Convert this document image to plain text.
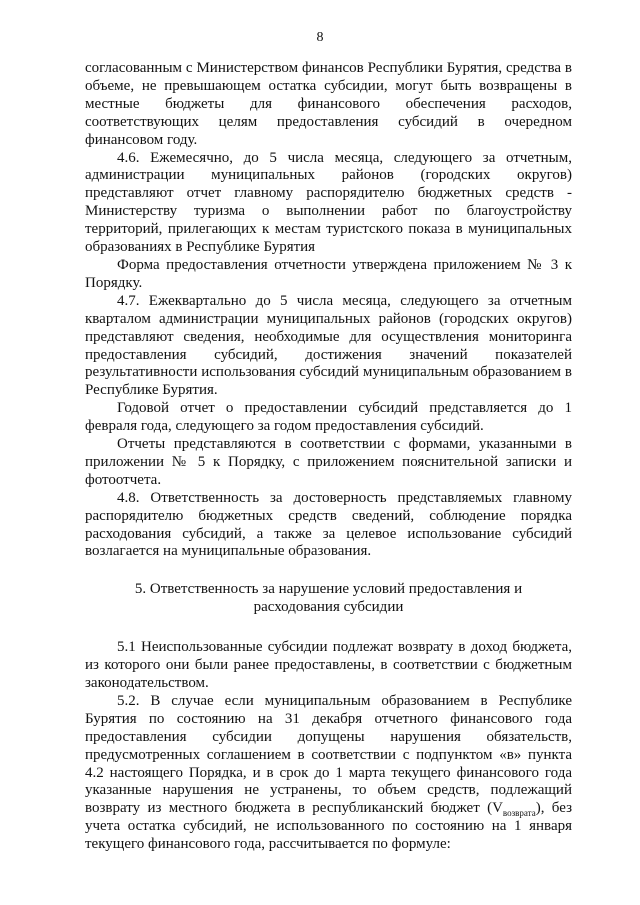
8

согласованным с Министерством финансов Республики Бурятия, средства в объеме, не превышающем остатка субсидии, могут быть возвращены в местные бюджеты для финансового обеспечения расходов, соответствующих целям предоставления субсидий в очередном финансовом году.

4.6. Ежемесячно, до 5 числа месяца, следующего за отчетным, администрации муниципальных районов (городских округов) представляют отчет главному распорядителю бюджетных средств - Министерству туризма о выполнении работ по благоустройству территорий, прилегающих к местам туристского показа в муниципальных образованиях в Республике Бурятия

Форма предоставления отчетности утверждена приложением № 3 к Порядку.

4.7. Ежеквартально до 5 числа месяца, следующего за отчетным кварталом администрации муниципальных районов (городских округов) представляют сведения, необходимые для осуществления мониторинга предоставления субсидий, достижения значений показателей результативности использования субсидий муниципальным образованием в Республике Бурятия.

Годовой отчет о предоставлении субсидий представляется до 1 февраля года, следующего за годом предоставления субсидий.

Отчеты представляются в соответствии с формами, указанными в приложении № 5 к Порядку, с приложением пояснительной записки и фотоотчета.

4.8. Ответственность за достоверность представляемых главному распорядителю бюджетных средств сведений, соблюдение порядка расходования субсидий, а также за целевое использование субсидий возлагается на муниципальные образования.

5. Ответственность за нарушение условий предоставления и
расходования субсидии

5.1 Неиспользованные субсидии подлежат возврату в доход бюджета, из которого они были ранее предоставлены, в соответствии с бюджетным законодательством.

5.2. В случае если муниципальным образованием в Республике Бурятия по состоянию на 31 декабря отчетного финансового года предоставления субсидии допущены нарушения обязательств, предусмотренных соглашением в соответствии с подпунктом «в» пункта 4.2 настоящего Порядка, и в срок до 1 марта текущего финансового года указанные нарушения не устранены, то объем средств, подлежащий возврату из местного бюджета в республиканский бюджет $(V_{возврата})$, без учета остатка субсидий, не использованного по состоянию на 1 января текущего финансового года, рассчитывается по формуле:
